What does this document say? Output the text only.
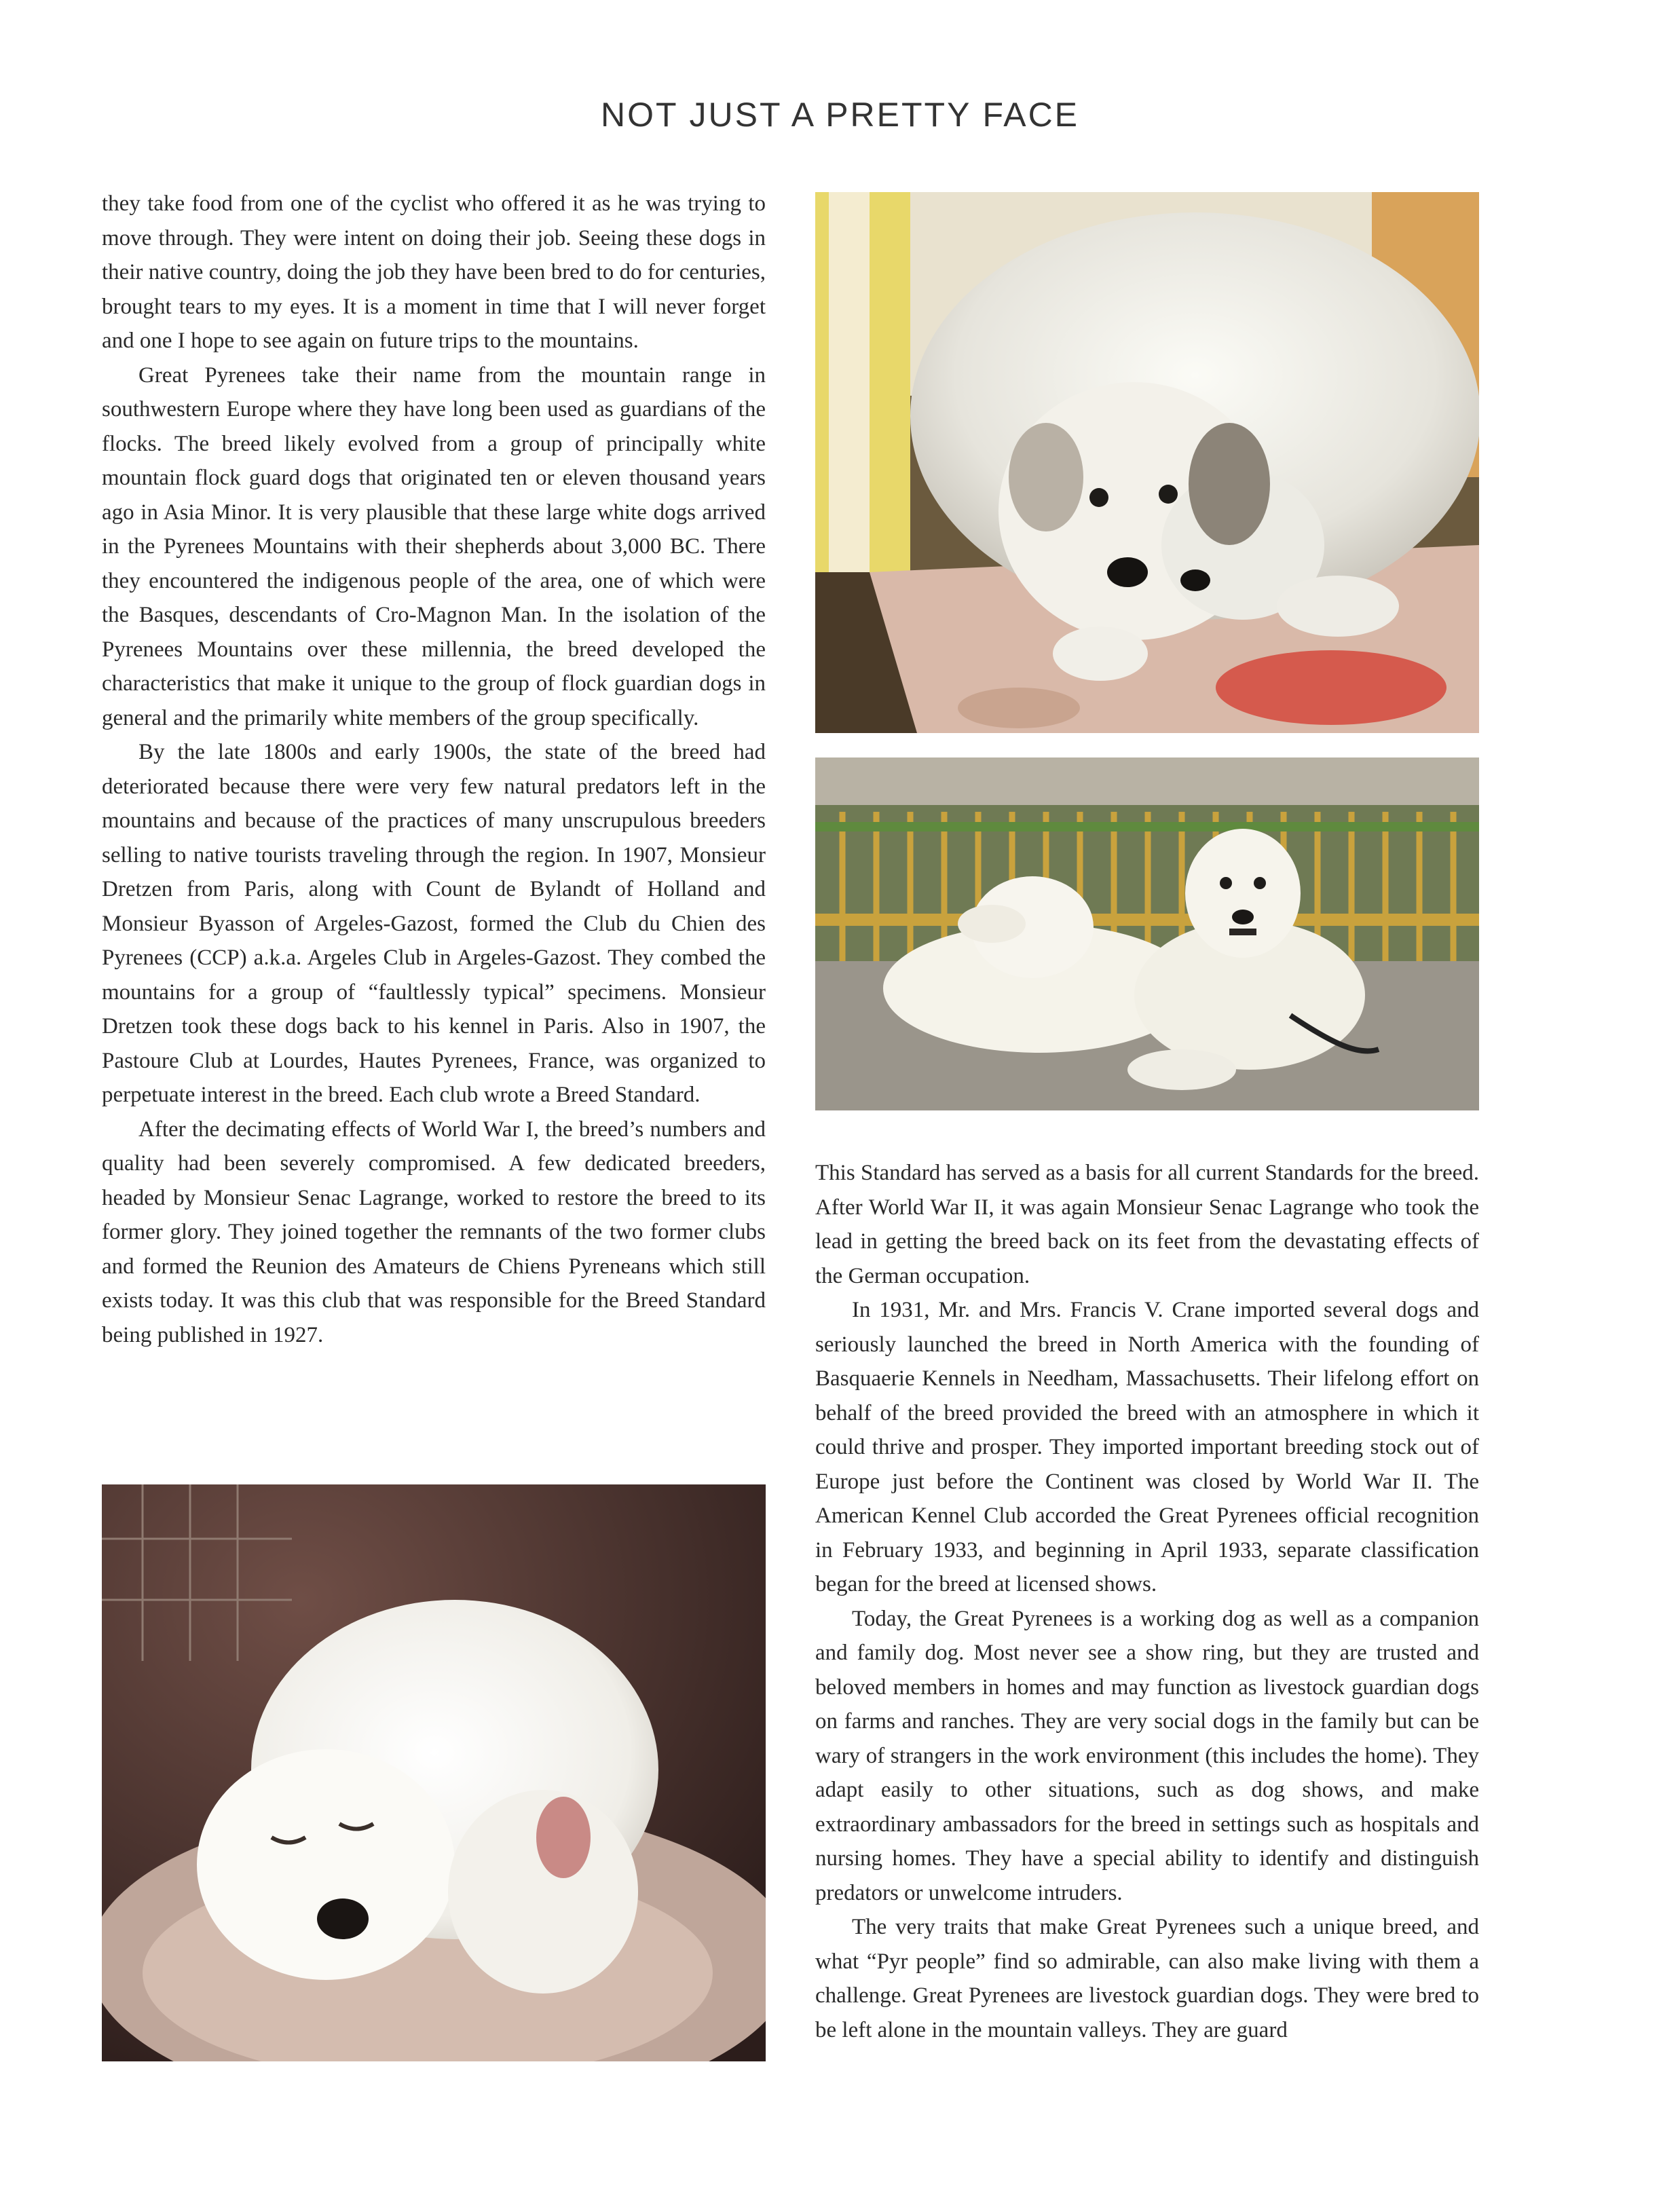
NOT JUST A PRETTY FACE

they take food from one of the cyclist who offered it as he was trying to move through. They were intent on doing their job. Seeing these dogs in their native country, doing the job they have been bred to do for centuries, brought tears to my eyes. It is a moment in time that I will never forget and one I hope to see again on future trips to the mountains.

Great Pyrenees take their name from the mountain range in southwestern Europe where they have long been used as guardians of the flocks. The breed likely evolved from a group of principally white mountain flock guard dogs that originated ten or eleven thousand years ago in Asia Minor. It is very plausible that these large white dogs arrived in the Pyrenees Mountains with their shepherds about 3,000 BC. There they encountered the indigenous people of the area, one of which were the Basques, descendants of Cro-Magnon Man. In the isolation of the Pyrenees Mountains over these millennia, the breed developed the characteristics that make it unique to the group of flock guardian dogs in general and the primarily white members of the group specifically.

By the late 1800s and early 1900s, the state of the breed had deteriorated because there were very few natural predators left in the mountains and because of the practices of many unscrupulous breeders selling to native tourists traveling through the region. In 1907, Monsieur Dretzen from Paris, along with Count de Bylandt of Holland and Monsieur Byasson of Argeles-Gazost, formed the Club du Chien des Pyrenees (CCP) a.k.a. Argeles Club in Argeles-Gazost. They combed the mountains for a group of “faultlessly typical” specimens. Monsieur Dretzen took these dogs back to his kennel in Paris. Also in 1907, the Pastoure Club at Lourdes, Hautes Pyrenees, France, was organized to perpetuate interest in the breed. Each club wrote a Breed Standard.

After the decimating effects of World War I, the breed’s numbers and quality had been severely compromised. A few dedicated breeders, headed by Monsieur Senac Lagrange, worked to restore the breed to its former glory. They joined together the remnants of the two former clubs and formed the Reunion des Amateurs de Chiens Pyreneans which still exists today. It was this club that was responsible for the Breed Standard being published in 1927.

This Standard has served as a basis for all current Standards for the breed. After World War II, it was again Monsieur Senac Lagrange who took the lead in getting the breed back on its feet from the devastating effects of the German occupation.

In 1931, Mr. and Mrs. Francis V. Crane imported several dogs and seriously launched the breed in North America with the founding of Basquaerie Kennels in Needham, Massachusetts. Their lifelong effort on behalf of the breed provided the breed with an atmosphere in which it could thrive and prosper. They imported important breeding stock out of Europe just before the Continent was closed by World War II. The American Kennel Club accorded the Great Pyrenees official recognition in February 1933, and beginning in April 1933, separate classification began for the breed at licensed shows.

Today, the Great Pyrenees is a working dog as well as a companion and family dog. Most never see a show ring, but they are trusted and beloved members in homes and may function as livestock guardian dogs on farms and ranches. They are very social dogs in the family but can be wary of strangers in the work environment (this includes the home). They adapt easily to other situations, such as dog shows, and make extraordinary ambassadors for the breed in settings such as hospitals and nursing homes. They have a special ability to identify and distinguish predators or unwelcome intruders.

The very traits that make Great Pyrenees such a unique breed, and what “Pyr people” find so admirable, can also make living with them a challenge. Great Pyrenees are livestock guardian dogs. They were bred to be left alone in the mountain valleys. They are guard
